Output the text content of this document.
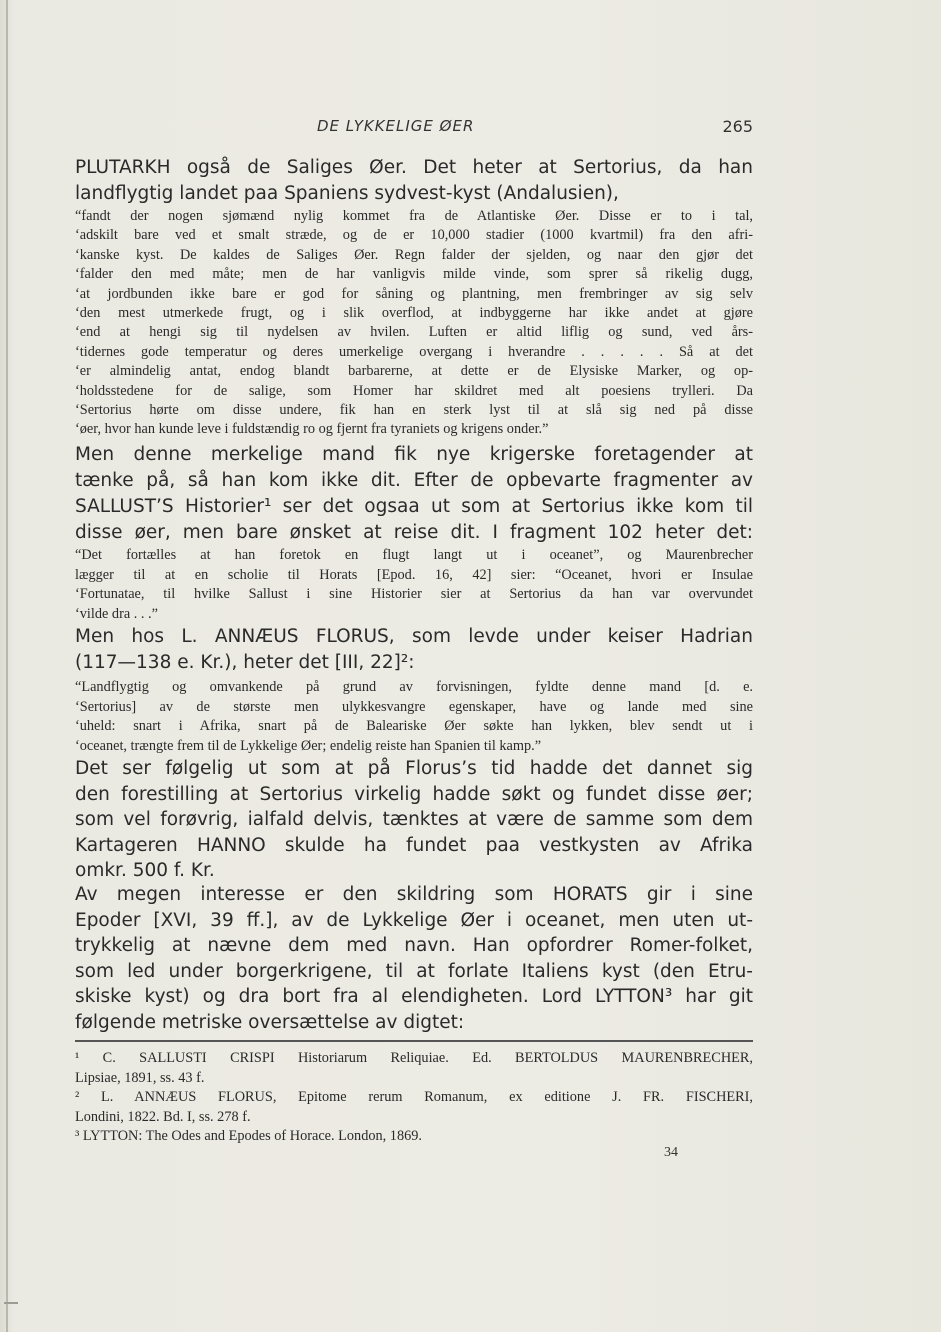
DE LYKKELIGE ØER	265
PLUTARKH også de Saliges Øer. Det heter at Sertorius, da han
landflygtig landet paa Spaniens sydvest-kyst (Andalusien),
“fandt der nogen sjømænd nylig kommet fra de Atlantiske Øer. Disse er to i tal,
‘adskilt bare ved et smalt stræde, og de er 10,000 stadier (1000 kvartmil) fra den afri-
‘kanske kyst. De kaldes de Saliges Øer. Regn falder der sjelden, og naar den gjør det
‘falder den med måte; men de har vanligvis milde vinde, som sprer så rikelig dugg,
‘at jordbunden ikke bare er god for såning og plantning, men frembringer av sig selv
‘den mest utmerkede frugt, og i slik overflod, at indbyggerne har ikke andet at gjøre
‘end at hengi sig til nydelsen av hvilen. Luften er altid liflig og sund, ved års-
‘tidernes gode temperatur og deres umerkelige overgang i hverandre . . . . . Så at det
‘er almindelig antat, endog blandt barbarerne, at dette er de Elysiske Marker, og op-
‘holdsstedene for de salige, som Homer har skildret med alt poesiens trylleri. Da
‘Sertorius hørte om disse undere, fik han en sterk lyst til at slå sig ned på disse
‘øer, hvor han kunde leve i fuldstændig ro og fjernt fra tyraniets og krigens onder.”
Men denne merkelige mand fik nye krigerske foretagender at
tænke på, så han kom ikke dit. Efter de opbevarte fragmenter av
SALLUST’S Historier¹ ser det ogsaa ut som at Sertorius ikke kom til
disse øer, men bare ønsket at reise dit. I fragment 102 heter det:
“Det fortælles at han foretok en flugt langt ut i oceanet”, og Maurenbrecher
lægger til at en scholie til Horats [Epod. 16, 42] sier: “Oceanet, hvori er Insulae
‘Fortunatae, til hvilke Sallust i sine Historier sier at Sertorius da han var overvundet
‘vilde dra . . .”
Men hos L. ANNÆUS FLORUS, som levde under keiser Hadrian
(117—138 e. Kr.), heter det [III, 22]²:
“Landflygtig og omvankende på grund av forvisningen, fyldte denne mand [d. e.
‘Sertorius] av de største men ulykkesvangre egenskaper, have og lande med sine
‘uheld: snart i Afrika, snart på de Baleariske Øer søkte han lykken, blev sendt ut i
‘oceanet, trængte frem til de Lykkelige Øer; endelig reiste han Spanien til kamp.”
Det ser følgelig ut som at på Florus’s tid hadde det dannet sig
den forestilling at Sertorius virkelig hadde søkt og fundet disse øer;
som vel forøvrig, ialfald delvis, tænktes at være de samme som dem
Kartageren HANNO skulde ha fundet paa vestkysten av Afrika
omkr. 500 f. Kr.
Av megen interesse er den skildring som HORATS gir i sine
Epoder [XVI, 39 ff.], av de Lykkelige Øer i oceanet, men uten ut-
trykkelig at nævne dem med navn. Han opfordrer Romer-folket,
som led under borgerkrigene, til at forlate Italiens kyst (den Etru-
skiske kyst) og dra bort fra al elendigheten. Lord LYTTON³ har git
følgende metriske oversættelse av digtet:
¹ C. SALLUSTI CRISPI Historiarum Reliquiae. Ed. BERTOLDUS MAURENBRECHER,
Lipsiae, 1891, ss. 43 f.
² L. ANNÆUS FLORUS, Epitome rerum Romanum, ex editione J. FR. FISCHERI,
Londini, 1822. Bd. I, ss. 278 f.
³ LYTTON: The Odes and Epodes of Horace. London, 1869.
34
